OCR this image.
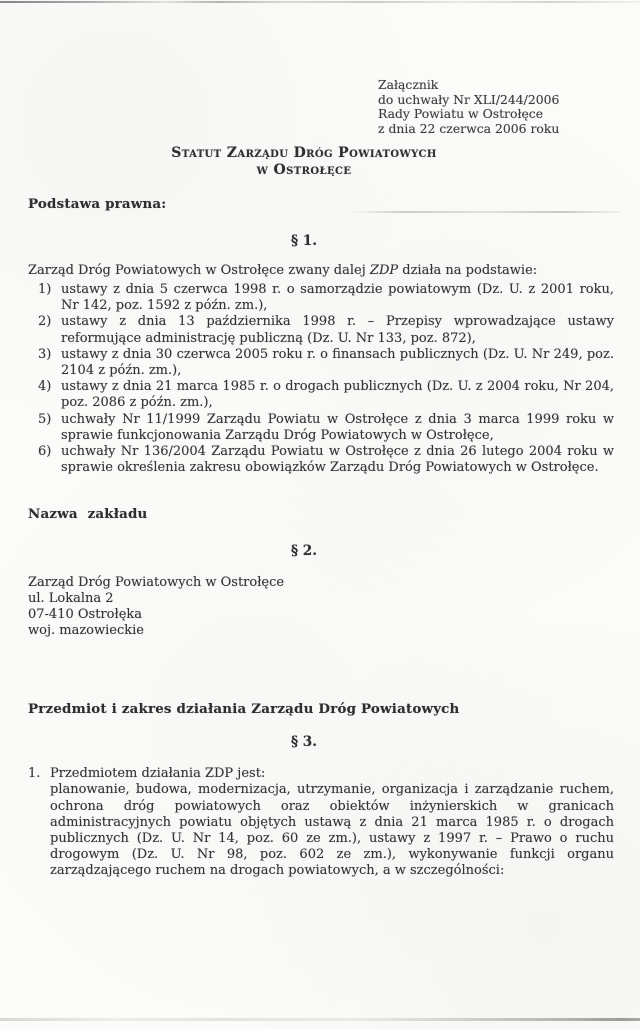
Załącznik
do uchwały Nr XLI/244/2006
Rady Powiatu w Ostrołęce
z dnia 22 czerwca 2006 roku
Statut Zarządu Dróg Powiatowych
w Ostrołęce
Podstawa prawna:
§ 1.

Zarząd Dróg Powiatowych w Ostrołęce zwany dalej ZDP działa na podstawie:

1) ustawy z dnia 5 czerwca 1998 r. o samorządzie powiatowym (Dz. U. z 2001 roku, Nr 142, poz. 1592 z późn. zm.),
2) ustawy z dnia 13 października 1998 r. – Przepisy wprowadzające ustawy reformujące administrację publiczną (Dz. U. Nr 133, poz. 872),
3) ustawy z dnia 30 czerwca 2005 roku r. o finansach publicznych (Dz. U. Nr 249, poz. 2104 z późn. zm.),
4) ustawy z dnia 21 marca 1985 r. o drogach publicznych (Dz. U. z 2004 roku, Nr 204, poz. 2086 z późn. zm.),
5) uchwały Nr 11/1999 Zarządu Powiatu w Ostrołęce z dnia 3 marca 1999 roku w sprawie funkcjonowania Zarządu Dróg Powiatowych w Ostrołęce,
6) uchwały Nr 136/2004 Zarządu Powiatu w Ostrołęce z dnia 26 lutego 2004 roku w sprawie określenia zakresu obowiązków Zarządu Dróg Powiatowych w Ostrołęce.
Nazwa zakładu
§ 2.
Zarząd Dróg Powiatowych w Ostrołęce
ul. Lokalna 2
07-410 Ostrołęka
woj. mazowieckie
Przedmiot i zakres działania Zarządu Dróg Powiatowych
§ 3.
1. Przedmiotem działania ZDP jest:
planowanie, budowa, modernizacja, utrzymanie, organizacja i zarządzanie ruchem, ochrona dróg powiatowych oraz obiektów inżynierskich w granicach administracyjnych powiatu objętych ustawą z dnia 21 marca 1985 r. o drogach publicznych (Dz. U. Nr 14, poz. 60 ze zm.), ustawy z 1997 r. – Prawo o ruchu drogowym (Dz. U. Nr 98, poz. 602 ze zm.), wykonywanie funkcji organu zarządzającego ruchem na drogach powiatowych, a w szczególności:
